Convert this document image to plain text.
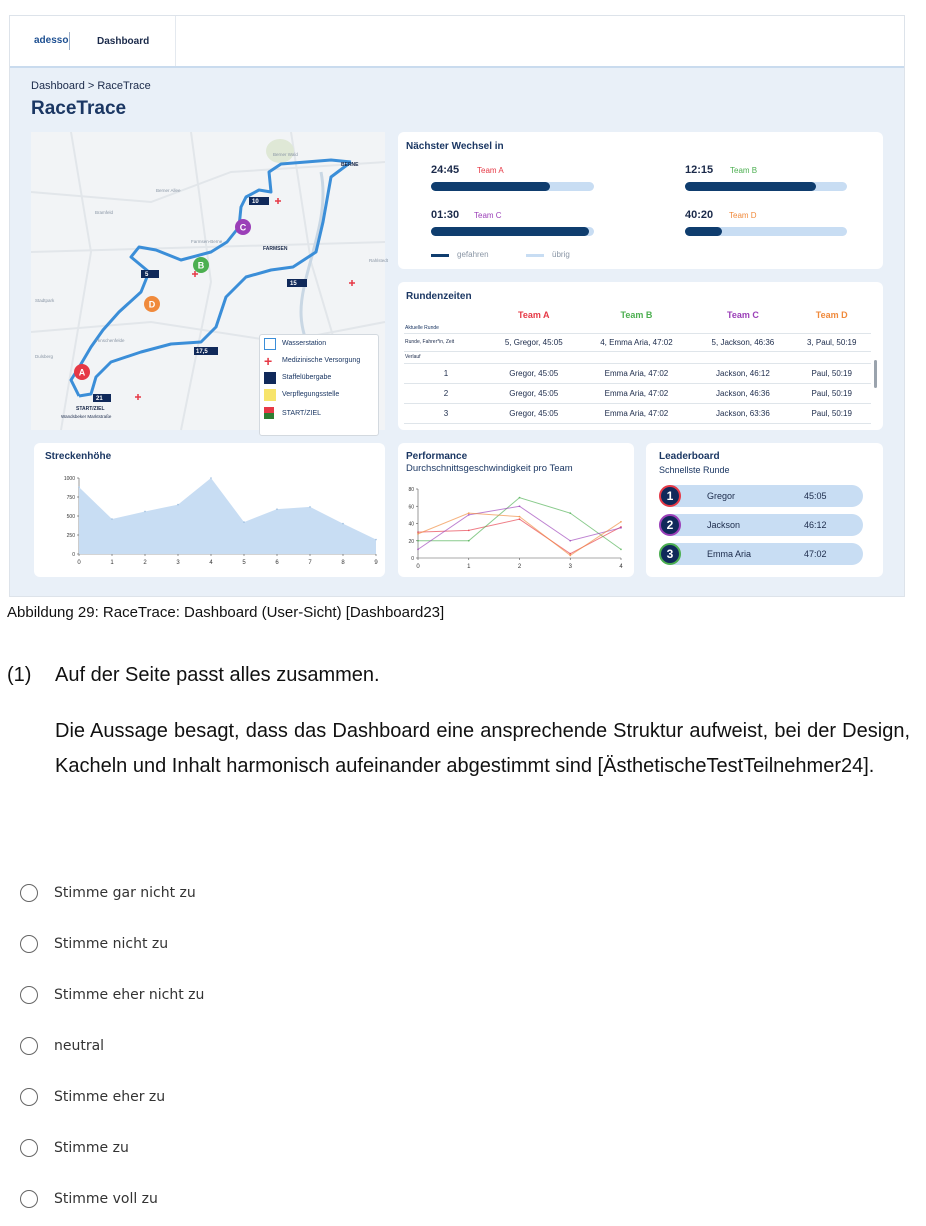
adesso	Dashboard
Dashboard > RaceTrace
RaceTrace
10
5
15
17,5
21
BERNE
FARMSEN
START/ZIEL
Berner Wald
Berner Allee
Bramfeld
Wandsbeker Marktstraße
Hinschenfelde
Dulsberg
Farmsen-Berne
Rahlstedt
Stadtpark
A
B
C
D
Wasserstation
+	Medizinische Versorgung
Staffelübergabe
Verpflegungsstelle
START/ZIEL
Nächster Wechsel in
24:45 Team A	12:15 Team B
01:30 Team C	40:20 Team D
gefahren	übrig
Rundenzeiten
	Team A	Team B	Team C	Team D
Aktuelle Runde				
Runde, Fahrer*in, Zeit	5, Gregor, 45:05	4, Emma Aria, 47:02	5, Jackson, 46:36	3, Paul, 50:19
Verlauf				
1	Gregor, 45:05	Emma Aria, 47:02	Jackson, 46:12	Paul, 50:19
2	Gregor, 45:05	Emma Aria, 47:02	Jackson, 46:36	Paul, 50:19
3	Gregor, 45:05	Emma Aria, 47:02	Jackson, 63:36	Paul, 50:19
Streckenhöhe
0
250
500
750
1000
0	1	2	3	4	5	6	7	8	9
Performance
Durchschnittsgeschwindigkeit pro Team
0
20
40
60
80
0	1	2	3	4
Leaderboard
Schnellste Runde
1	Gregor	45:05
2	Jackson	46:12
3	Emma Aria	47:02
Abbildung 29: RaceTrace: Dashboard (User-Sicht) [Dashboard23]
(1) Auf der Seite passt alles zusammen.
Die Aussage besagt, dass das Dashboard eine ansprechende Struktur aufweist, bei der Design, Kacheln und Inhalt harmonisch aufeinander abgestimmt sind [ÄsthetischeTestTeilnehmer24].
Stimme gar nicht zu
Stimme nicht zu
Stimme eher nicht zu
neutral
Stimme eher zu
Stimme zu
Stimme voll zu
